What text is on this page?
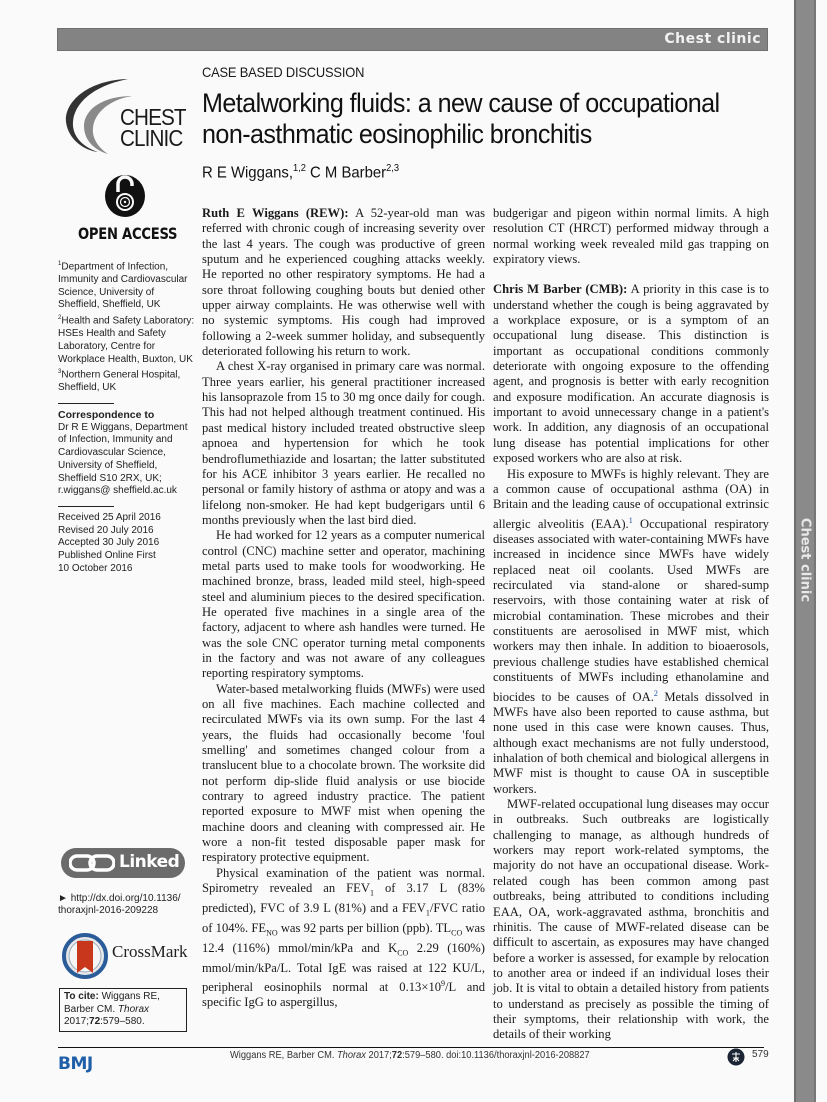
Chest clinic
Chest clinic
CHEST
CLINIC
OPEN ACCESS
CASE BASED DISCUSSION
Metalworking fluids: a new cause of occupational non-asthmatic eosinophilic bronchitis
R E Wiggans,$^{1,2}$ C M Barber$^{2,3}$

$^1$Department of Infection, Immunity and Cardiovascular Science, University of Sheffield, Sheffield, UK

$^2$Health and Safety Laboratory: HSEs Health and Safety Laboratory, Centre for Workplace Health, Buxton, UK

$^3$Northern General Hospital, Sheffield, UK

Correspondence to

Dr R E Wiggans, Department of Infection, Immunity and Cardiovascular Science, University of Sheffield, Sheffield S10 2RX, UK; r.wiggans@ sheffield.ac.uk

Received 25 April 2016

Revised 20 July 2016

Accepted 30 July 2016

Published Online First

10 October 2016

Linked
► http://dx.doi.org/10.1136/ thoraxjnl-2016-209228
CrossMark
To cite: Wiggans RE, Barber CM. Thorax
2017;72:579–580.
BMJ

Ruth E Wiggans (REW): A 52-year-old man was referred with chronic cough of increasing severity over the last 4 years. The cough was productive of green sputum and he experienced coughing attacks weekly. He reported no other respiratory symptoms. He had a sore throat following coughing bouts but denied other upper airway complaints. He was otherwise well with no systemic symptoms. His cough had improved following a 2-week summer holiday, and subsequently deteriorated following his return to work.

A chest X-ray organised in primary care was normal. Three years earlier, his general practitioner increased his lansoprazole from 15 to 30 mg once daily for cough. This had not helped although treatment continued. His past medical history included treated obstructive sleep apnoea and hypertension for which he took bendroflumethiazide and losartan; the latter substituted for his ACE inhibitor 3 years earlier. He recalled no personal or family history of asthma or atopy and was a lifelong non-smoker. He had kept budgerigars until 6 months previously when the last bird died.

He had worked for 12 years as a computer numerical control (CNC) machine setter and operator, machining metal parts used to make tools for woodworking. He machined bronze, brass, leaded mild steel, high-speed steel and aluminium pieces to the desired specification. He operated five machines in a single area of the factory, adjacent to where ash handles were turned. He was the sole CNC operator turning metal components in the factory and was not aware of any colleagues reporting respiratory symptoms.

Water-based metalworking fluids (MWFs) were used on all five machines. Each machine collected and recirculated MWFs via its own sump. For the last 4 years, the fluids had occasionally become 'foul smelling' and sometimes changed colour from a translucent blue to a chocolate brown. The worksite did not perform dip-slide fluid analysis or use biocide contrary to agreed industry practice. The patient reported exposure to MWF mist when opening the machine doors and cleaning with compressed air. He wore a non-fit tested disposable paper mask for respiratory protective equipment.

Physical examination of the patient was normal. Spirometry revealed an $FEV_1$ of 3.17 L (83% predicted), FVC of 3.9 L (81%) and a $FEV_1$/FVC ratio of 104%. $FE_{NO}$ was 92 parts per billion (ppb). $TL_{CO}$ was 12.4 (116%) mmol/min/kPa and $K_{CO}$ 2.29 (160%) mmol/min/kPa/L. Total IgE was raised at 122 KU/L, peripheral eosinophils normal at $0.13\times 10^9/L$ and specific IgG to aspergillus,

budgerigar and pigeon within normal limits. A high resolution CT (HRCT) performed midway through a normal working week revealed mild gas trapping on expiratory views.

Chris M Barber (CMB): A priority in this case is to understand whether the cough is being aggravated by a workplace exposure, or is a symptom of an occupational lung disease. This distinction is important as occupational conditions commonly deteriorate with ongoing exposure to the offending agent, and prognosis is better with early recognition and exposure modification. An accurate diagnosis is important to avoid unnecessary change in a patient's work. In addition, any diagnosis of an occupational lung disease has potential implications for other exposed workers who are also at risk.

His exposure to MWFs is highly relevant. They are a common cause of occupational asthma (OA) in Britain and the leading cause of occupational extrinsic allergic alveolitis (EAA).$^1$ Occupational respiratory diseases associated with water-containing MWFs have increased in incidence since MWFs have widely replaced neat oil coolants. Used MWFs are recirculated via stand-alone or shared-sump reservoirs, with those containing water at risk of microbial contamination. These microbes and their constituents are aerosolised in MWF mist, which workers may then inhale. In addition to bioaerosols, previous challenge studies have established chemical constituents of MWFs including ethanolamine and biocides to be causes of OA.$^2$ Metals dissolved in MWFs have also been reported to cause asthma, but none used in this case were known causes. Thus, although exact mechanisms are not fully understood, inhalation of both chemical and biological allergens in MWF mist is thought to cause OA in susceptible workers.

MWF-related occupational lung diseases may occur in outbreaks. Such outbreaks are logistically challenging to manage, as although hundreds of workers may report work-related symptoms, the majority do not have an occupational disease. Work-related cough has been common among past outbreaks, being attributed to conditions including EAA, OA, work-aggravated asthma, bronchitis and rhinitis. The cause of MWF-related disease can be difficult to ascertain, as exposures may have changed before a worker is assessed, for example by relocation to another area or indeed if an individual loses their job. It is vital to obtain a detailed history from patients to understand as precisely as possible the timing of their symptoms, their relationship with work, the details of their working

Wiggans RE, Barber CM. Thorax 2017;72:579–580. doi:10.1136/thoraxjnl-2016-208827	579
